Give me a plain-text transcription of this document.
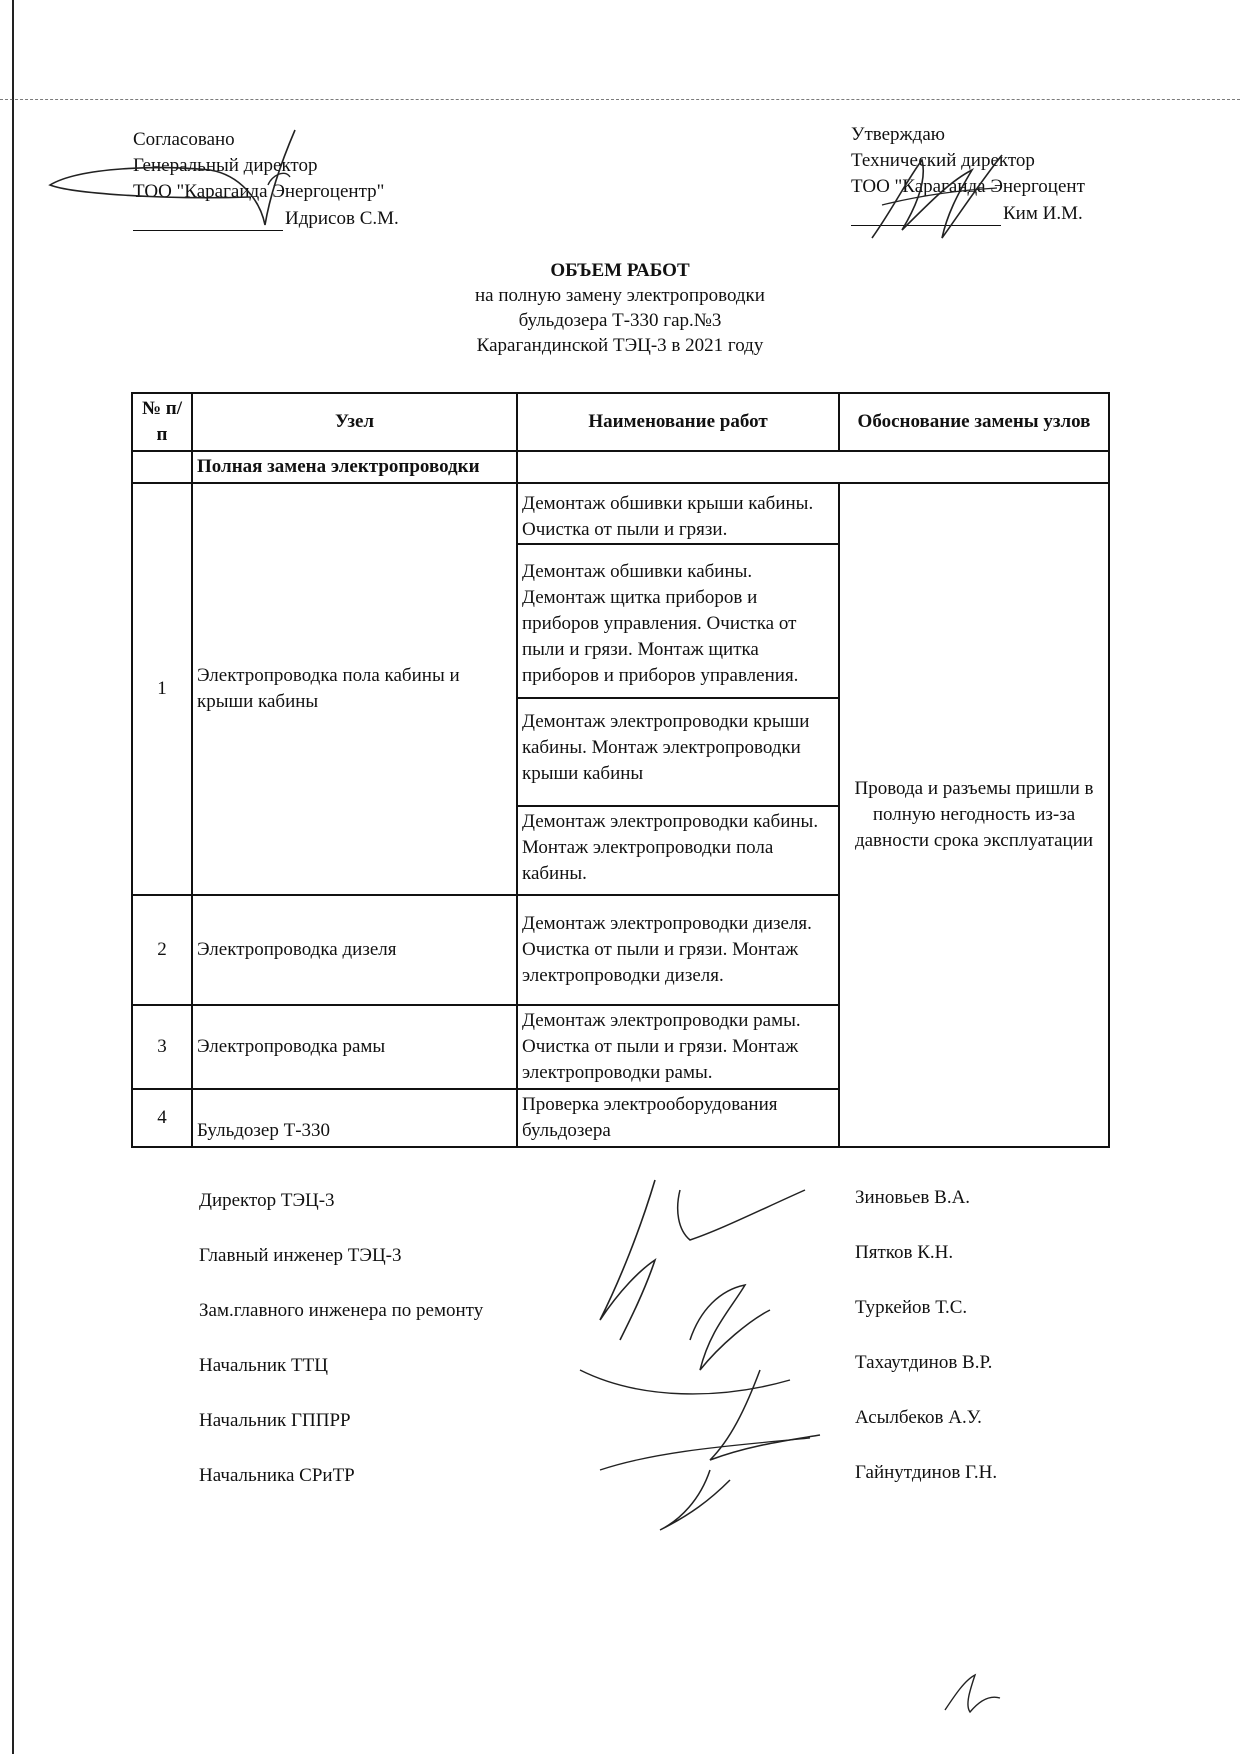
Согласовано
Генеральный директор
ТОО "Карагаида Энергоцентр"
Идрисов С.М.
Утверждаю
Технический директор
ТОО "Караганда Энергоцент
Ким И.М.
ОБЪЕМ РАБОТ
на полную замену электропроводки
бульдозера Т-330 гар.№3
Карагандинской ТЭЦ-3 в 2021 году
№ п/п	Узел	Наименование работ	Обоснование замены узлов
	Полная замена электропроводки		
1	Электропроводка пола кабины и крыши кабины	Демонтаж обшивки крыши кабины. Очистка от пыли и грязи.
Демонтаж обшивки кабины. Демонтаж щитка приборов и приборов управления. Очистка от пыли и грязи. Монтаж щитка приборов и приборов управления.
Демонтаж электропроводки крыши кабины. Монтаж электропроводки крыши кабины
Демонтаж электропроводки кабины. Монтаж электропроводки пола кабины.	Провода и разъемы пришли в полную негодность из-за давности срока эксплуатации
2	Электропроводка дизеля	Демонтаж электропроводки дизеля. Очистка от пыли и грязи. Монтаж электропроводки дизеля.	

3	Электропроводка рамы	Демонтаж электропроводки рамы. Очистка от пыли и грязи. Монтаж электропроводки рамы.	

4	Бульдозер Т-330	Проверка электрооборудования бульдозера	
Директор ТЭЦ-3	Зиновьев В.А.
Главный инженер ТЭЦ-3	Пятков К.Н.
Зам.главного инженера по ремонту	Туркейов Т.С.
Начальник ТТЦ	Тахаутдинов В.Р.
Начальник ГППРР	Асылбеков А.У.
Начальника СРиТР	Гайнутдинов Г.Н.
